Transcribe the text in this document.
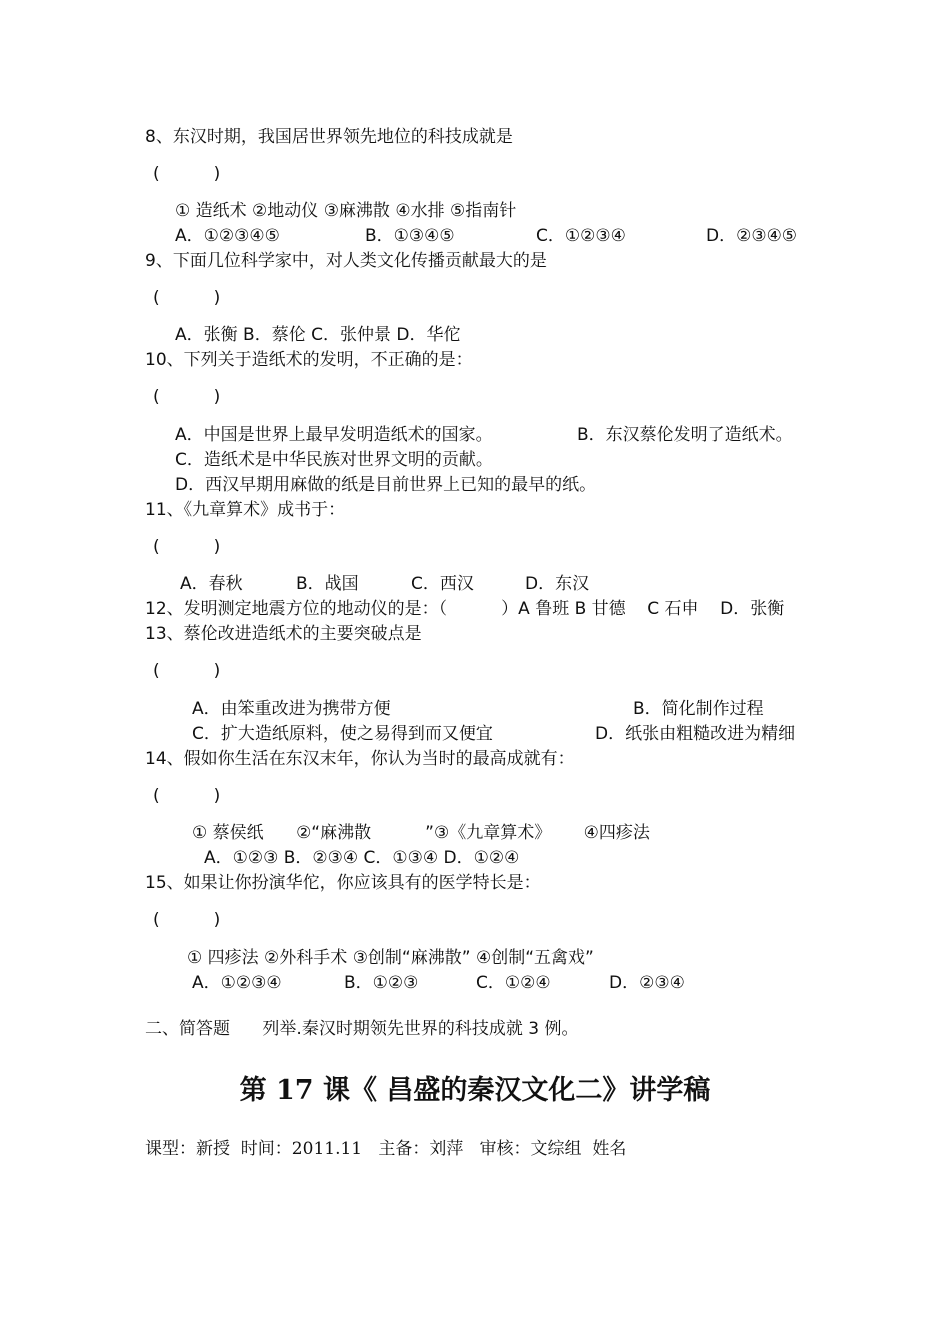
8、东汉时期，我国居世界领先地位的科技成就是
(          )
① 造纸术 ②地动仪 ③麻沸散 ④水排 ⑤指南针
A．①②③④⑤	B．①③④⑤	C．①②③④	D．②③④⑤
9、下面几位科学家中，对人类文化传播贡献最大的是
(          )
A．张衡 B．蔡伦 C．张仲景 D．华佗
10、下列关于造纸术的发明，不正确的是：
(          )
A．中国是世界上最早发明造纸术的国家。	B．东汉蔡伦发明了造纸术。
C．造纸术是中华民族对世界文明的贡献。
D．西汉早期用麻做的纸是目前世界上已知的最早的纸。
11、《九章算术》成书于：
(          )
A．春秋	B．战国	C．西汉	D．东汉
12、发明测定地震方位的地动仪的是：（          ）A 鲁班 B 甘德    C 石申    D．张衡
13、蔡伦改进造纸术的主要突破点是
(          )
A．由笨重改进为携带方便	B．简化制作过程
C．扩大造纸原料，使之易得到而又便宜	D．纸张由粗糙改进为精细
14、假如你生活在东汉末年，你认为当时的最高成就有：
(          )
① 蔡侯纸      ②“麻沸散          ”③《九章算术》      ④四疹法
A．①②③ B．②③④ C．①③④ D．①②④
15、如果让你扮演华佗，你应该具有的医学特长是：
(          )
① 四疹法 ②外科手术 ③创制“麻沸散” ④创制“五禽戏”
A．①②③④	B．①②③	C．①②④	D．②③④
二、简答题      列举.秦汉时期领先世界的科技成就 3 例。
第 17 课《 昌盛的秦汉文化二》讲学稿
课型：新授  时间：2011.11   主备：刘萍   审核：文综组  姓名
